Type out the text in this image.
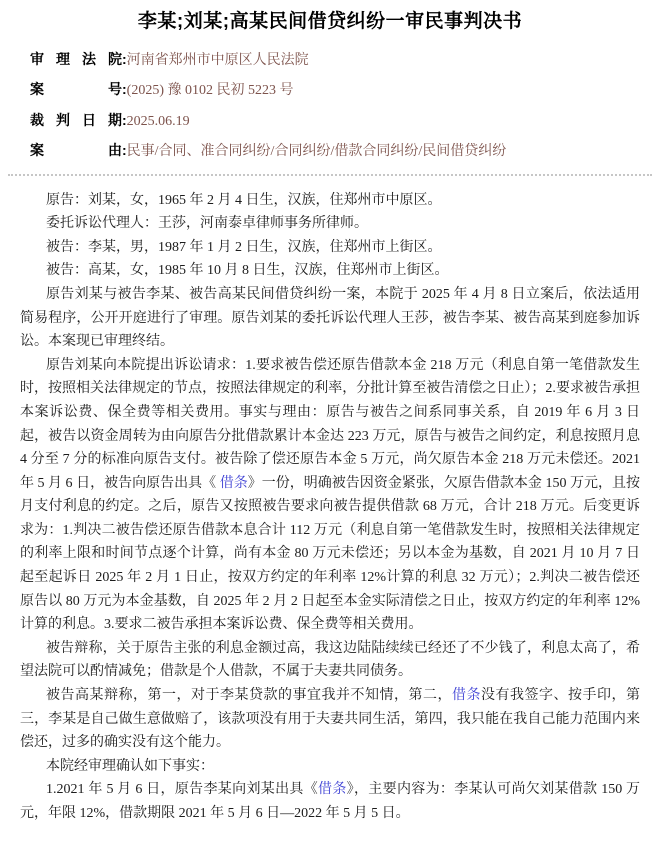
李某;刘某;高某民间借贷纠纷一审民事判决书
审理法院:河南省郑州市中原区人民法院
案号:(2025) 豫 0102 民初 5223 号
裁判日期:2025.06.19
案由:民事/合同、准合同纠纷/合同纠纷/借款合同纠纷/民间借贷纠纷

原告：刘某，女，1965 年 2 月 4 日生，汉族，住郑州市中原区。

委托诉讼代理人：王莎，河南泰卓律师事务所律师。

被告：李某，男，1987 年 1 月 2 日生，汉族，住郑州市上街区。

被告：高某，女，1985 年 10 月 8 日生，汉族，住郑州市上街区。

原告刘某与被告李某、被告高某民间借贷纠纷一案，本院于 2025 年 4 月 8 日立案后，依法适用简易程序，公开开庭进行了审理。原告刘某的委托诉讼代理人王莎，被告李某、被告高某到庭参加诉讼。本案现已审理终结。

原告刘某向本院提出诉讼请求：1.要求被告偿还原告借款本金 218 万元（利息自第一笔借款发生时，按照相关法律规定的节点，按照法律规定的利率，分批计算至被告清偿之日止）；2.要求被告承担本案诉讼费、保全费等相关费用。事实与理由：原告与被告之间系同事关系，自 2019 年 6 月 3 日起，被告以资金周转为由向原告分批借款累计本金达 223 万元，原告与被告之间约定，利息按照月息 4 分至 7 分的标准向原告支付。被告除了偿还原告本金 5 万元，尚欠原告本金 218 万元未偿还。2021 年 5 月 6 日，被告向原告出具《 借条》一份，明确被告因资金紧张，欠原告借款本金 150 万元，且按月支付利息的约定。之后，原告又按照被告要求向被告提供借款 68 万元，合计 218 万元。后变更诉求为：1.判决二被告偿还原告借款本息合计 112 万元（利息自第一笔借款发生时，按照相关法律规定的利率上限和时间节点逐个计算，尚有本金 80 万元未偿还；另以本金为基数，自 2021 月 10 月 7 日起至起诉日 2025 年 2 月 1 日止，按双方约定的年利率 12%计算的利息 32 万元）；2.判决二被告偿还原告以 80 万元为本金基数，自 2025 年 2 月 2 日起至本金实际清偿之日止，按双方约定的年利率 12%计算的利息。3.要求二被告承担本案诉讼费、保全费等相关费用。

被告辩称，关于原告主张的利息金额过高，我这边陆陆续续已经还了不少钱了，利息太高了，希望法院可以酌情减免；借款是个人借款，不属于夫妻共同债务。

被告高某辩称，第一，对于李某贷款的事宜我并不知情，第二，借条没有我签字、按手印，第三，李某是自己做生意做赔了，该款项没有用于夫妻共同生活，第四，我只能在我自己能力范围内来偿还，过多的确实没有这个能力。

本院经审理确认如下事实：

1.2021 年 5 月 6 日，原告李某向刘某出具《借条》，主要内容为：李某认可尚欠刘某借款 150 万元，年限 12%，借款期限 2021 年 5 月 6 日—2022 年 5 月 5 日。
